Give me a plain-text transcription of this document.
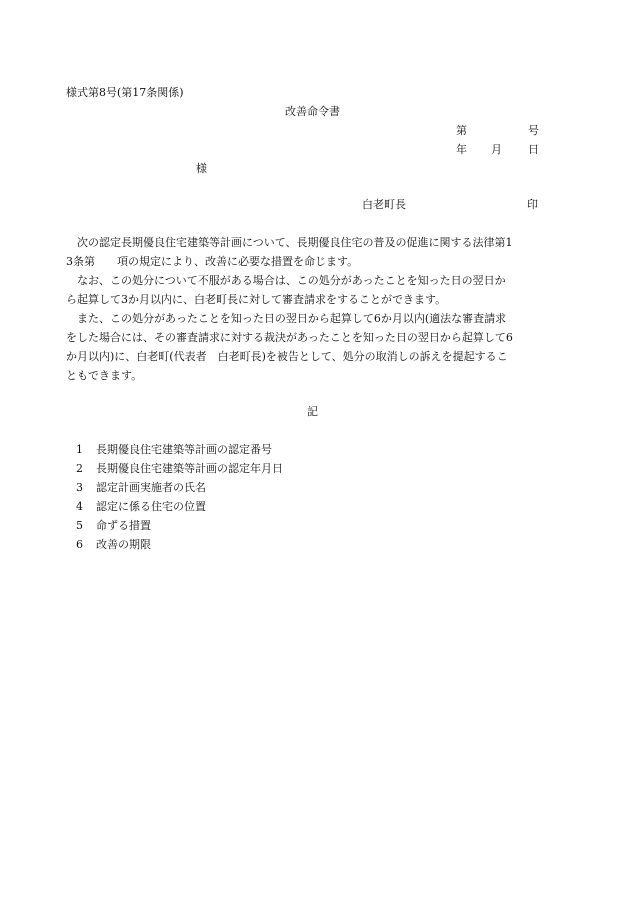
様式第8号(第17条関係)
改善命令書
第	号
年 月 日
様
白老町長	印
次の認定長期優良住宅建築等計画について、長期優良住宅の普及の促進に関する法律第1
3条第　　項の規定により、改善に必要な措置を命じます。
なお、この処分について不服がある場合は、この処分があったことを知った日の翌日か
ら起算して3か月以内に、白老町長に対して審査請求をすることができます。
また、この処分があったことを知った日の翌日から起算して6か月以内(適法な審査請求
をした場合には、その審査請求に対する裁決があったことを知った日の翌日から起算して6
か月以内)に、白老町(代表者　白老町長)を被告として、処分の取消しの訴えを提起するこ
ともできます。
記
1 長期優良住宅建築等計画の認定番号
2 長期優良住宅建築等計画の認定年月日
3 認定計画実施者の氏名
4 認定に係る住宅の位置
5 命ずる措置
6 改善の期限
